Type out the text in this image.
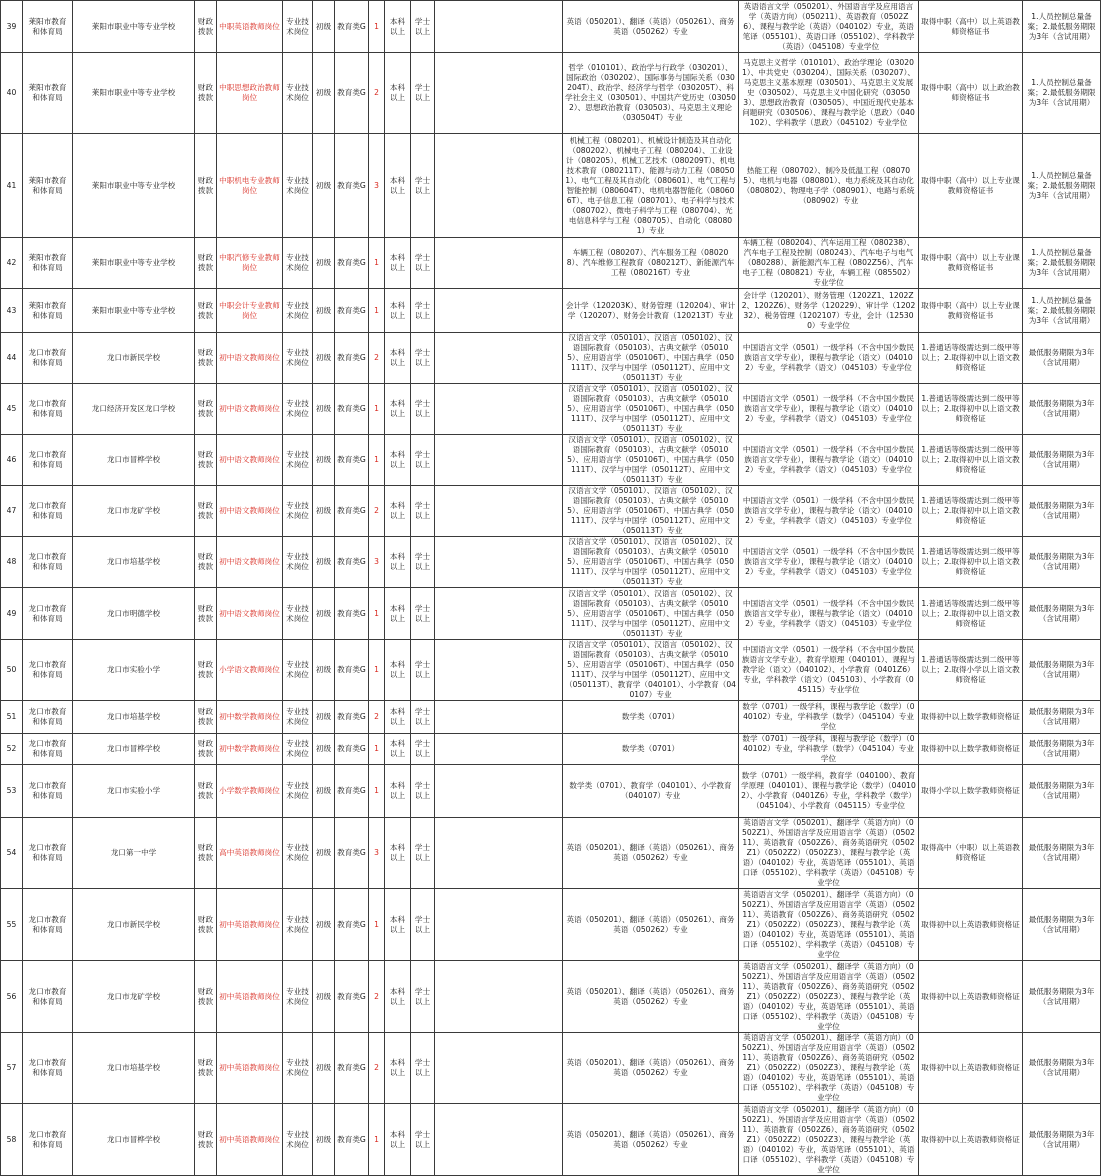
39	莱阳市教育和体育局	莱阳市职业中等专业学校	财政拨款	中职英语教师岗位	专业技术岗位	初级	教育类G	1	本科以上	学士以上		英语（050201）、翻译（英语）（050261）、商务英语（050262）专业	英语语言文学（050201）、外国语言学及应用语言学（英语方向）（050211）、英语教育（0502Z6）、课程与教学论（英语）（040102）专业，英语笔译（055101）、英语口译（055102）、学科教学（英语）（045108）专业学位	取得中职（高中）以上英语教师资格证书	1.人员控制总量备案；2.最低服务期限为3年（含试用期）
40	莱阳市教育和体育局	莱阳市职业中等专业学校	财政拨款	中职思想政治教师岗位	专业技术岗位	初级	教育类G	2	本科以上	学士以上		哲学（010101）、政治学与行政学（030201）、国际政治（030202）、国际事务与国际关系（030204T）、政治学、经济学与哲学（030205T）、科学社会主义（030501）、中国共产党历史（030502）、思想政治教育（030503）、马克思主义理论（030504T）专业	马克思主义哲学（010101）、政治学理论（030201）、中共党史（030204）、国际关系（030207）、马克思主义基本原理（030501）、马克思主义发展史（030502）、马克思主义中国化研究（030503）、思想政治教育（030505）、中国近现代史基本问题研究（030506）、课程与教学论（思政）（040102）、学科教学（思政）（045102）专业学位	取得中职（高中）以上政治教师资格证书	1.人员控制总量备案；2.最低服务期限为3年（含试用期）
41	莱阳市教育和体育局	莱阳市职业中等专业学校	财政拨款	中职机电专业教师岗位	专业技术岗位	初级	教育类G	3	本科以上	学士以上		机械工程（080201）、机械设计制造及其自动化（080202）、机械电子工程（080204）、工业设计（080205）、机械工艺技术（080209T）、机电技术教育（080211T）、能源与动力工程（080501）、电气工程及其自动化（080601）、电气工程与智能控制（080604T）、电机电器智能化（080606T）、电子信息工程（080701）、电子科学与技术（080702）、微电子科学与工程（080704）、光电信息科学与工程（080705）、自动化（080801）专业	热能工程（080702）、制冷及低温工程（080705）、电机与电器（080801）、电力系统及其自动化（080802）、物理电子学（080901）、电路与系统（080902）专业	取得中职（高中）以上专业课教师资格证书	1.人员控制总量备案；2.最低服务期限为3年（含试用期）
42	莱阳市教育和体育局	莱阳市职业中等专业学校	财政拨款	中职汽修专业教师岗位	专业技术岗位	初级	教育类G	1	本科以上	学士以上		车辆工程（080207）、汽车服务工程（080208）、汽车维修工程教育（080212T）、新能源汽车工程（080216T）专业	车辆工程（080204）、汽车运用工程（080238）、汽车电子工程及控制（080243）、汽车电子与电气（080288）、新能源汽车工程（0802Z56）、汽车电子工程（080821）专业，车辆工程（085502）专业学位	取得中职（高中）以上专业课教师资格证书	1.人员控制总量备案；2.最低服务期限为3年（含试用期）
43	莱阳市教育和体育局	莱阳市职业中等专业学校	财政拨款	中职会计专业教师岗位	专业技术岗位	初级	教育类G	1	本科以上	学士以上		会计学（120203K）、财务管理（120204）、审计学（120207）、财务会计教育（120213T）专业	会计学（120201）、财务管理（1202Z1、1202Z2、1202Z6）、财务学（120229）、审计学（120232）、税务管理（1202107）专业，会计（125300）专业学位	取得中职（高中）以上专业课教师资格证书	1.人员控制总量备案；2.最低服务期限为3年（含试用期）
44	龙口市教育和体育局	龙口市新民学校	财政拨款	初中语文教师岗位	专业技术岗位	初级	教育类G	2	本科以上	学士以上		汉语言文学（050101）、汉语言（050102）、汉语国际教育（050103）、古典文献学（050105）、应用语言学（050106T）、中国古典学（050111T）、汉学与中国学（050112T）、应用中文（050113T）专业	中国语言文学（0501）一级学科（不含中国少数民族语言文学专业），课程与教学论（语文）（040102）专业，学科教学（语文）（045103）专业学位	1.普通话等级需达到二级甲等以上；2.取得初中以上语文教师资格证	最低服务期限为3年（含试用期）
45	龙口市教育和体育局	龙口经济开发区龙口学校	财政拨款	初中语文教师岗位	专业技术岗位	初级	教育类G	1	本科以上	学士以上		汉语言文学（050101）、汉语言（050102）、汉语国际教育（050103）、古典文献学（050105）、应用语言学（050106T）、中国古典学（050111T）、汉学与中国学（050112T）、应用中文（050113T）专业	中国语言文学（0501）一级学科（不含中国少数民族语言文学专业），课程与教学论（语文）（040102）专业，学科教学（语文）（045103）专业学位	1.普通话等级需达到二级甲等以上；2.取得初中以上语文教师资格证	最低服务期限为3年（含试用期）
46	龙口市教育和体育局	龙口市冒桦学校	财政拨款	初中语文教师岗位	专业技术岗位	初级	教育类G	1	本科以上	学士以上		汉语言文学（050101）、汉语言（050102）、汉语国际教育（050103）、古典文献学（050105）、应用语言学（050106T）、中国古典学（050111T）、汉学与中国学（050112T）、应用中文（050113T）专业	中国语言文学（0501）一级学科（不含中国少数民族语言文学专业），课程与教学论（语文）（040102）专业，学科教学（语文）（045103）专业学位	1.普通话等级需达到二级甲等以上；2.取得初中以上语文教师资格证	最低服务期限为3年（含试用期）
47	龙口市教育和体育局	龙口市龙矿学校	财政拨款	初中语文教师岗位	专业技术岗位	初级	教育类G	2	本科以上	学士以上		汉语言文学（050101）、汉语言（050102）、汉语国际教育（050103）、古典文献学（050105）、应用语言学（050106T）、中国古典学（050111T）、汉学与中国学（050112T）、应用中文（050113T）专业	中国语言文学（0501）一级学科（不含中国少数民族语言文学专业），课程与教学论（语文）（040102）专业，学科教学（语文）（045103）专业学位	1.普通话等级需达到二级甲等以上；2.取得初中以上语文教师资格证	最低服务期限为3年（含试用期）
48	龙口市教育和体育局	龙口市培基学校	财政拨款	初中语文教师岗位	专业技术岗位	初级	教育类G	3	本科以上	学士以上		汉语言文学（050101）、汉语言（050102）、汉语国际教育（050103）、古典文献学（050105）、应用语言学（050106T）、中国古典学（050111T）、汉学与中国学（050112T）、应用中文（050113T）专业	中国语言文学（0501）一级学科（不含中国少数民族语言文学专业），课程与教学论（语文）（040102）专业，学科教学（语文）（045103）专业学位	1.普通话等级需达到二级甲等以上；2.取得初中以上语文教师资格证	最低服务期限为3年（含试用期）
49	龙口市教育和体育局	龙口市明德学校	财政拨款	初中语文教师岗位	专业技术岗位	初级	教育类G	1	本科以上	学士以上		汉语言文学（050101）、汉语言（050102）、汉语国际教育（050103）、古典文献学（050105）、应用语言学（050106T）、中国古典学（050111T）、汉学与中国学（050112T）、应用中文（050113T）专业	中国语言文学（0501）一级学科（不含中国少数民族语言文学专业），课程与教学论（语文）（040102）专业，学科教学（语文）（045103）专业学位	1.普通话等级需达到二级甲等以上；2.取得初中以上语文教师资格证	最低服务期限为3年（含试用期）
50	龙口市教育和体育局	龙口市实验小学	财政拨款	小学语文教师岗位	专业技术岗位	初级	教育类G	1	本科以上	学士以上		汉语言文学（050101）、汉语言（050102）、汉语国际教育（050103）、古典文献学（050105）、应用语言学（050106T）、中国古典学（050111T）、汉学与中国学（050112T）、应用中文（050113T）、教育学（040101）、小学教育（040107）专业	中国语言文学（0501）一级学科（不含中国少数民族语言文学专业），教育学原理（040101）、课程与教学论（语文）（040102）、小学教育（0401Z6）专业，学科教学（语文）（045103）、小学教育（045115）专业学位	1.普通话等级需达到二级甲等以上；2.取得小学以上语文教师资格证	最低服务期限为3年（含试用期）
51	龙口市教育和体育局	龙口市培基学校	财政拨款	初中数学教师岗位	专业技术岗位	初级	教育类G	2	本科以上	学士以上		数学类（0701）	数学（0701）一级学科，课程与教学论（数学）（040102）专业，学科教学（数学）（045104）专业学位	取得初中以上数学教师资格证	最低服务期限为3年（含试用期）
52	龙口市教育和体育局	龙口市冒桦学校	财政拨款	初中数学教师岗位	专业技术岗位	初级	教育类G	1	本科以上	学士以上		数学类（0701）	数学（0701）一级学科，课程与教学论（数学）（040102）专业，学科教学（数学）（045104）专业学位	取得初中以上数学教师资格证	最低服务期限为3年（含试用期）
53	龙口市教育和体育局	龙口市实验小学	财政拨款	小学数学教师岗位	专业技术岗位	初级	教育类G	1	本科以上	学士以上		数学类（0701）、教育学（040101）、小学教育（040107）专业	数学（0701）一级学科，教育学（040100）、教育学原理（040101）、课程与教学论（数学）（040102）、小学教育（0401Z6）专业，学科教学（数学）（045104）、小学教育（045115）专业学位	取得小学以上数学教师资格证	最低服务期限为3年（含试用期）
54	龙口市教育和体育局	龙口第一中学	财政拨款	高中英语教师岗位	专业技术岗位	初级	教育类G	3	本科以上	学士以上		英语（050201）、翻译（英语）（050261）、商务英语（050262）专业	英语语言文学（050201）、翻译学（英语方向）（0502Z1）、外国语言学及应用语言学（英语）（050211）、英语教育（0502Z6）、商务英语研究（0502Z1）（0502Z2）（0502Z3）、课程与教学论（英语）（040102）专业，英语笔译（055101）、英语口译（055102）、学科教学（英语）（045108）专业学位	取得高中（中职）以上英语教师资格证	最低服务期限为3年（含试用期）
55	龙口市教育和体育局	龙口市新民学校	财政拨款	初中英语教师岗位	专业技术岗位	初级	教育类G	1	本科以上	学士以上		英语（050201）、翻译（英语）（050261）、商务英语（050262）专业	英语语言文学（050201）、翻译学（英语方向）（0502Z1）、外国语言学及应用语言学（英语）（050211）、英语教育（0502Z6）、商务英语研究（0502Z1）（0502Z2）（0502Z3）、课程与教学论（英语）（040102）专业，英语笔译（055101）、英语口译（055102）、学科教学（英语）（045108）专业学位	取得初中以上英语教师资格证	最低服务期限为3年（含试用期）
56	龙口市教育和体育局	龙口市龙矿学校	财政拨款	初中英语教师岗位	专业技术岗位	初级	教育类G	2	本科以上	学士以上		英语（050201）、翻译（英语）（050261）、商务英语（050262）专业	英语语言文学（050201）、翻译学（英语方向）（0502Z1）、外国语言学及应用语言学（英语）（050211）、英语教育（0502Z6）、商务英语研究（0502Z1）（0502Z2）（0502Z3）、课程与教学论（英语）（040102）专业，英语笔译（055101）、英语口译（055102）、学科教学（英语）（045108）专业学位	取得初中以上英语教师资格证	最低服务期限为3年（含试用期）
57	龙口市教育和体育局	龙口市培基学校	财政拨款	初中英语教师岗位	专业技术岗位	初级	教育类G	2	本科以上	学士以上		英语（050201）、翻译（英语）（050261）、商务英语（050262）专业	英语语言文学（050201）、翻译学（英语方向）（0502Z1）、外国语言学及应用语言学（英语）（050211）、英语教育（0502Z6）、商务英语研究（0502Z1）（0502Z2）（0502Z3）、课程与教学论（英语）（040102）专业，英语笔译（055101）、英语口译（055102）、学科教学（英语）（045108）专业学位	取得初中以上英语教师资格证	最低服务期限为3年（含试用期）
58	龙口市教育和体育局	龙口市冒桦学校	财政拨款	初中英语教师岗位	专业技术岗位	初级	教育类G	1	本科以上	学士以上		英语（050201）、翻译（英语）（050261）、商务英语（050262）专业	英语语言文学（050201）、翻译学（英语方向）（0502Z1）、外国语言学及应用语言学（英语）（050211）、英语教育（0502Z6）、商务英语研究（0502Z1）（0502Z2）（0502Z3）、课程与教学论（英语）（040102）专业，英语笔译（055101）、英语口译（055102）、学科教学（英语）（045108）专业学位	取得初中以上英语教师资格证	最低服务期限为3年（含试用期）
